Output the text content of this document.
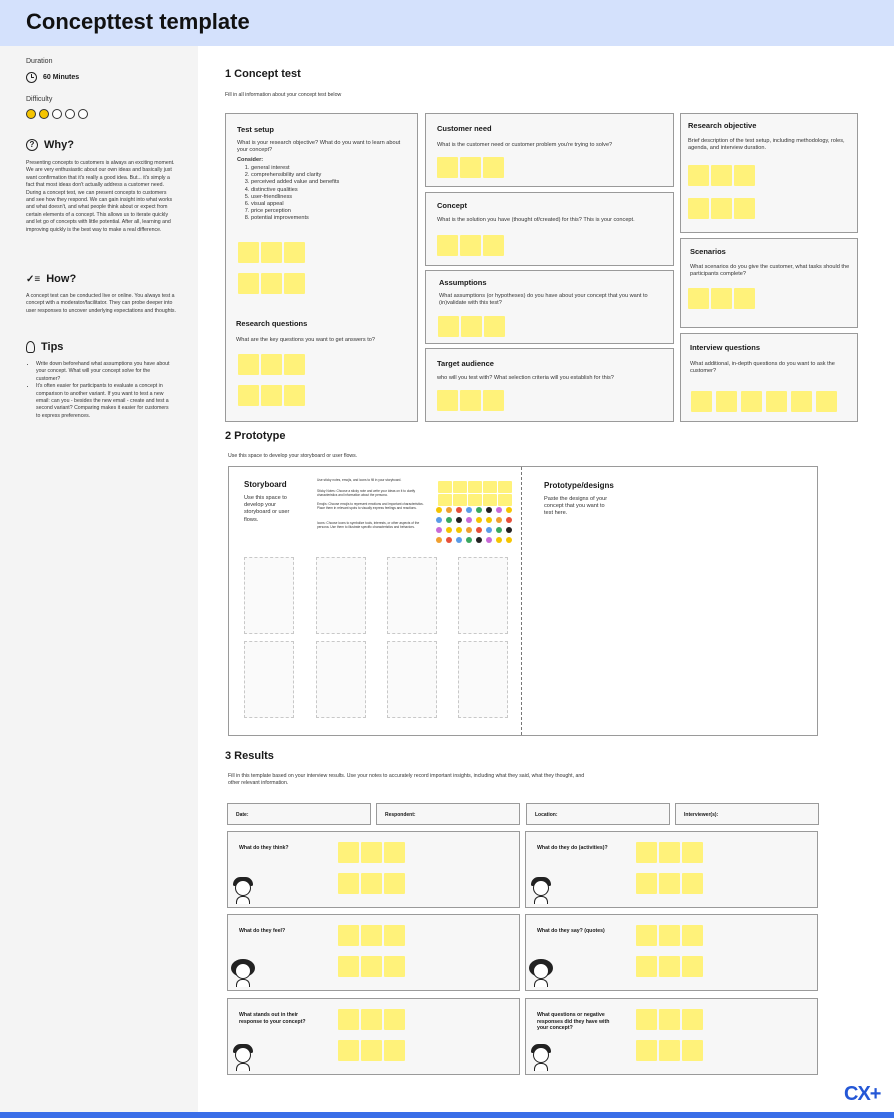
Concepttest template
Duration
60 Minutes
Difficulty
? Why?
Presenting concepts to customers is always an exciting moment. We are very enthusiastic about our own ideas and basically just want confirmation that it's really a good idea. But... it's simply a fact that most ideas don't actually address a customer need. During a concept test, we can present concepts to customers and see how they respond. We can gain insight into what works and what doesn't, and what people think about or expect from certain elements of a concept. This allows us to iterate quickly and let go of concepts with little potential. After all, learning and improving quickly is the best way to make a real difference.
✓≡ How?
A concept test can be conducted live or online. You always test a concept with a moderator/facilitator. They can probe deeper into user responses to uncover underlying expectations and thoughts.
Tips
• Write down beforehand what assumptions you have about your concept. What will your concept solve for the customer?
• It's often easier for participants to evaluate a concept in comparison to another variant. If you want to test a new email: can you - besides the new email - create and test a second variant? Comparing makes it easier for customers to express preferences.
1 Concept test
Fill in all information about your concept test below
Test setup
What is your research objective? What do you want to learn about your concept?
Consider:
1. general interest
2. comprehensibility and clarity
3. perceived added value and benefits
4. distinctive qualities
5. user-friendliness
6. visual appeal
7. price perception
8. potential improvements
Research questions
What are the key questions you want to get answers to?
Customer need
What is the customer need or customer problem you're trying to solve?
Concept
What is the solution you have (thought of/created) for this? This is your concept.
Assumptions
What assumptions (or hypotheses) do you have about your concept that you want to (in)validate with this test?
Target audience
who will you test with? What selection criteria will you establish for this?
Research objective
Brief description of the test setup, including methodology, roles, agenda, and interview duration.
Scenarios
What scenarios do you give the customer, what tasks should the participants complete?
Interview questions
What additional, in-depth questions do you want to ask the customer?
2 Prototype
Use this space to develop your storyboard or user flows.
Storyboard
Use this space to develop your storyboard or user flows.
Use sticky notes, emojis, and icons to fill in your storyboard.
Sticky Notes: Choose a sticky note and write your ideas on it to clarify characteristics and information about the persona.
Emojis: Choose emojis to represent emotions and important characteristics. Place them in relevant spots to visually express feelings and reactions.
Icons: Choose icons to symbolize tools, interests, or other aspects of the persona. Use them to illustrate specific characteristics and behaviors.
Prototype/designs
Paste the designs of your concept that you want to test here.
3 Results
Fill in this template based on your interview results. Use your notes to accurately record important insights, including what they said, what they thought, and other relevant information.
Date:	Respondent:	Location:	Interviewer(s):
What do they think?	What do they do (activities)?
What do they feel?	What do they say? (quotes)
What stands out in their response to your concept?
What questions or negative responses did they have with your concept?
CX+
